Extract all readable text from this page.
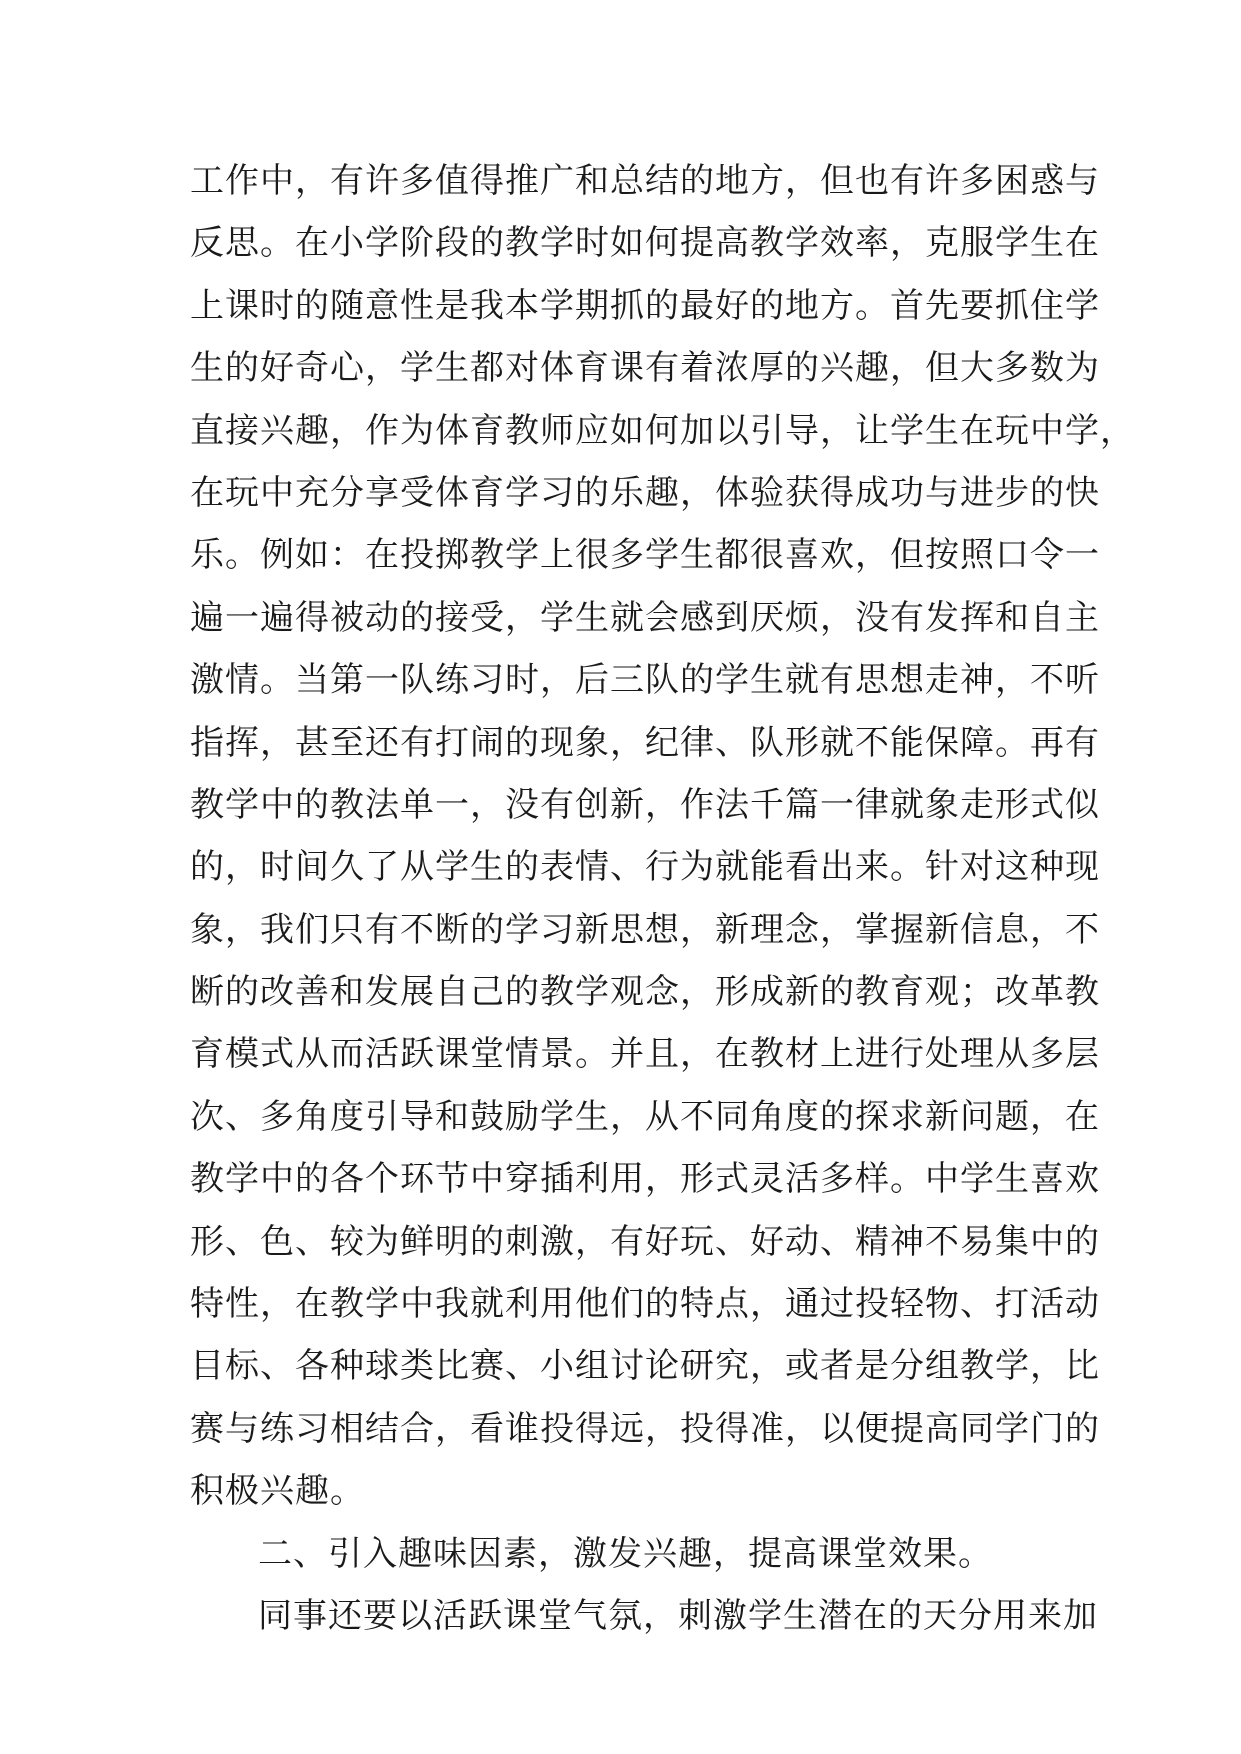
工作中，有许多值得推广和总结的地方，但也有许多困惑与
反思。在小学阶段的教学时如何提高教学效率，克服学生在
上课时的随意性是我本学期抓的最好的地方。首先要抓住学
生的好奇心，学生都对体育课有着浓厚的兴趣，但大多数为
直接兴趣，作为体育教师应如何加以引导，让学生在玩中学，
在玩中充分享受体育学习的乐趣，体验获得成功与进步的快
乐。例如：在投掷教学上很多学生都很喜欢，但按照口令一
遍一遍得被动的接受，学生就会感到厌烦，没有发挥和自主
激情。当第一队练习时，后三队的学生就有思想走神，不听
指挥，甚至还有打闹的现象，纪律、队形就不能保障。再有
教学中的教法单一，没有创新，作法千篇一律就象走形式似
的，时间久了从学生的表情、行为就能看出来。针对这种现
象，我们只有不断的学习新思想，新理念，掌握新信息，不
断的改善和发展自己的教学观念，形成新的教育观；改革教
育模式从而活跃课堂情景。并且，在教材上进行处理从多层
次、多角度引导和鼓励学生，从不同角度的探求新问题，在
教学中的各个环节中穿插利用，形式灵活多样。中学生喜欢
形、色、较为鲜明的刺激，有好玩、好动、精神不易集中的
特性，在教学中我就利用他们的特点，通过投轻物、打活动
目标、各种球类比赛、小组讨论研究，或者是分组教学，比
赛与练习相结合，看谁投得远，投得准，以便提高同学门的
积极兴趣。
二、引入趣味因素，激发兴趣，提高课堂效果。
同事还要以活跃课堂气氛，刺激学生潜在的天分用来加
